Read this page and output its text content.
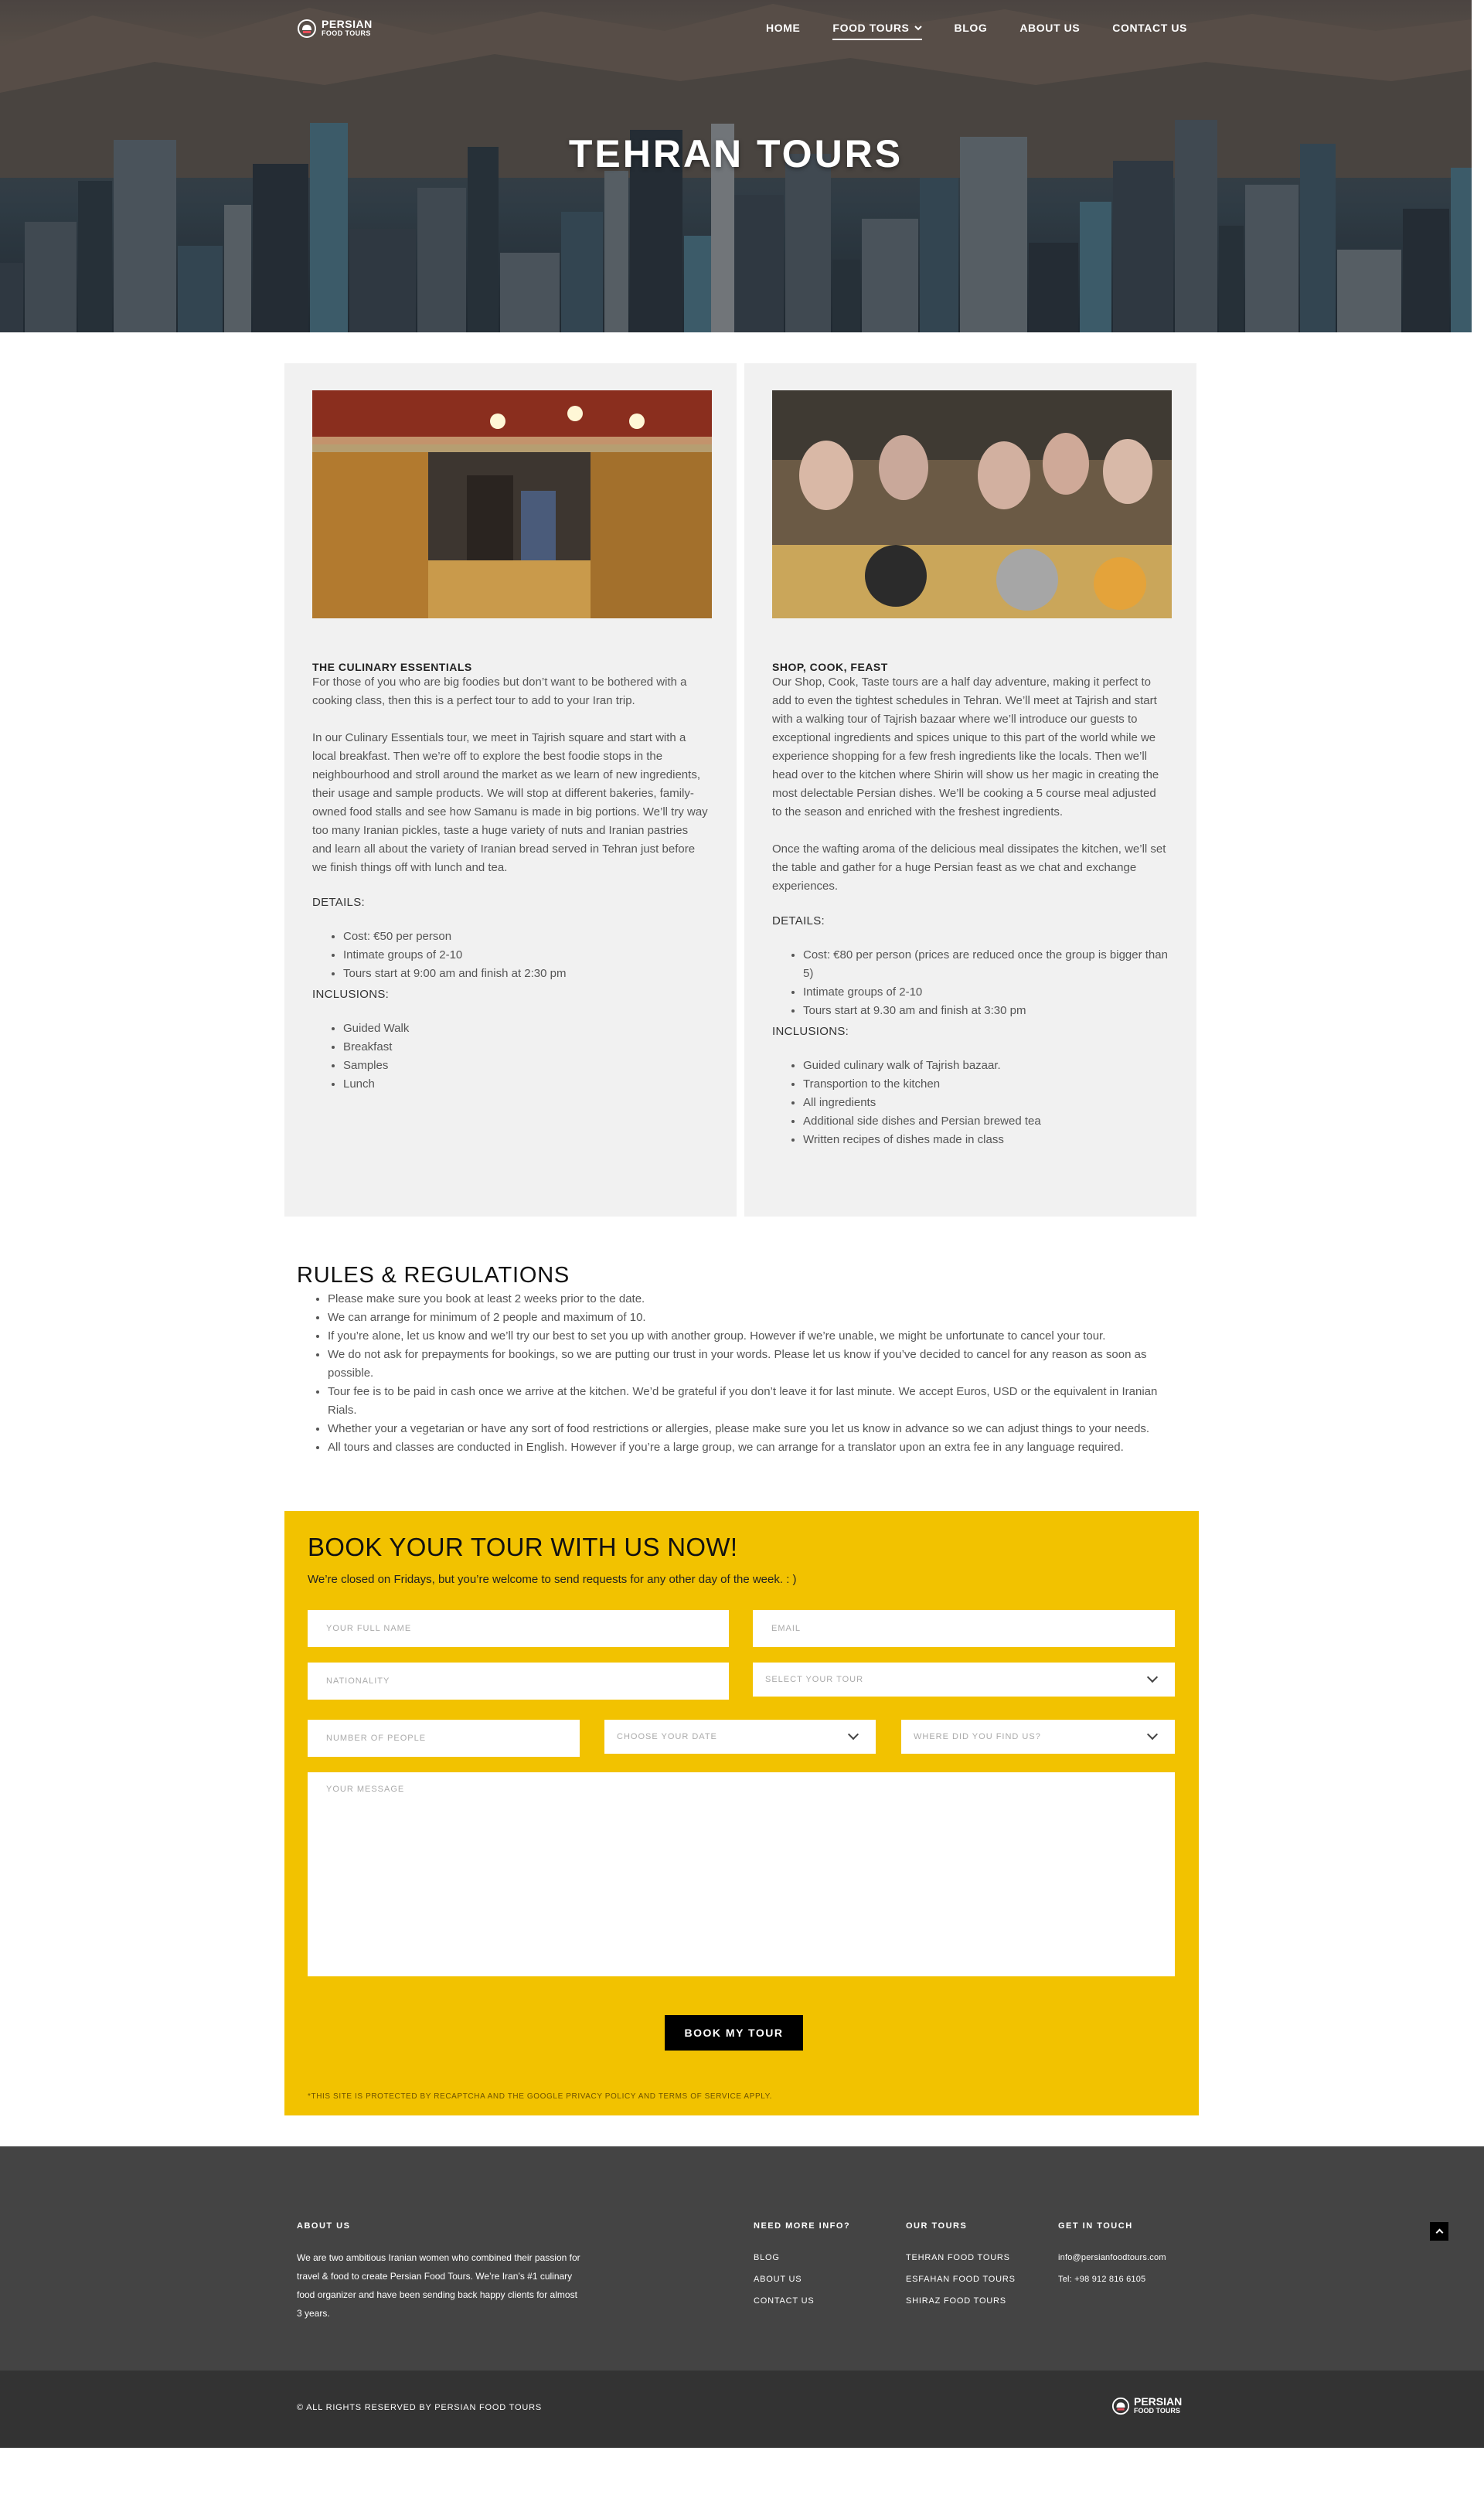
PERSIAN
FOOD TOURS	HOME	FOOD TOURS	BLOG	ABOUT US	CONTACT US
TEHRAN TOURS
THE CULINARY ESSENTIALS

For those of you who are big foodies but don’t want to be bothered with a cooking class, then this is a perfect tour to add to your Iran trip.

In our Culinary Essentials tour, we meet in Tajrish square and start with a local breakfast. Then we’re off to explore the best foodie stops in the neighbourhood and stroll around the market as we learn of new ingredients, their usage and sample products. We will stop at different bakeries, family-owned food stalls and see how Samanu is made in big portions. We’ll try way too many Iranian pickles, taste a huge variety of nuts and Iranian pastries and learn all about the variety of Iranian bread served in Tehran just before we finish things off with lunch and tea.

DETAILS:
• Cost: €50 per person
• Intimate groups of 2-10
• Tours start at 9:00 am and finish at 2:30 pm
INCLUSIONS:
• Guided Walk
• Breakfast
• Samples
• Lunch
SHOP, COOK, FEAST

Our Shop, Cook, Taste tours are a half day adventure, making it perfect to add to even the tightest schedules in Tehran. We’ll meet at Tajrish and start with a walking tour of Tajrish bazaar where we’ll introduce our guests to exceptional ingredients and spices unique to this part of the world while we experience shopping for a few fresh ingredients like the locals. Then we’ll head over to the kitchen where Shirin will show us her magic in creating the most delectable Persian dishes. We’ll be cooking a 5 course meal adjusted to the season and enriched with the freshest ingredients.

Once the wafting aroma of the delicious meal dissipates the kitchen, we’ll set the table and gather for a huge Persian feast as we chat and exchange experiences.

DETAILS:
• Cost: €80 per person (prices are reduced once the group is bigger than 5)
• Intimate groups of 2-10
• Tours start at 9.30 am and finish at 3:30 pm
INCLUSIONS:
• Guided culinary walk of Tajrish bazaar.
• Transportion to the kitchen
• All ingredients
• Additional side dishes and Persian brewed tea
• Written recipes of dishes made in class
RULES & REGULATIONS
• Please make sure you book at least 2 weeks prior to the date.
• We can arrange for minimum of 2 people and maximum of 10.
• If you’re alone, let us know and we’ll try our best to set you up with another group. However if we’re unable, we might be unfortunate to cancel your tour.
• We do not ask for prepayments for bookings, so we are putting our trust in your words. Please let us know if you’ve decided to cancel for any reason as soon as possible.
• Tour fee is to be paid in cash once we arrive at the kitchen. We’d be grateful if you don’t leave it for last minute. We accept Euros, USD or the equivalent in Iranian Rials.
• Whether your a vegetarian or have any sort of food restrictions or allergies, please make sure you let us know in advance so we can adjust things to your needs.
• All tours and classes are conducted in English. However if you’re a large group, we can arrange for a translator upon an extra fee in any language required.
BOOK YOUR TOUR WITH US NOW!
We’re closed on Fridays, but you’re welcome to send requests for any other day of the week. : )
YOUR FULL NAME	EMAIL
NATIONALITY	SELECT YOUR TOUR
NUMBER OF PEOPLE	CHOOSE YOUR DATE	WHERE DID YOU FIND US?
YOUR MESSAGE
BOOK MY TOUR
*THIS SITE IS PROTECTED BY RECAPTCHA AND THE GOOGLE PRIVACY POLICY AND TERMS OF SERVICE APPLY.
ABOUT US
We are two ambitious Iranian women who combined their passion for travel & food to create Persian Food Tours. We’re Iran’s #1 culinary food organizer and have been sending back happy clients for almost 3 years.
NEED MORE INFO?
BLOG
ABOUT US
CONTACT US
OUR TOURS
TEHRAN FOOD TOURS
ESFAHAN FOOD TOURS
SHIRAZ FOOD TOURS
GET IN TOUCH
info@persianfoodtours.com
Tel: +98 912 816 6105
© ALL RIGHTS RESERVED BY PERSIAN FOOD TOURS	PERSIAN
FOOD TOURS
